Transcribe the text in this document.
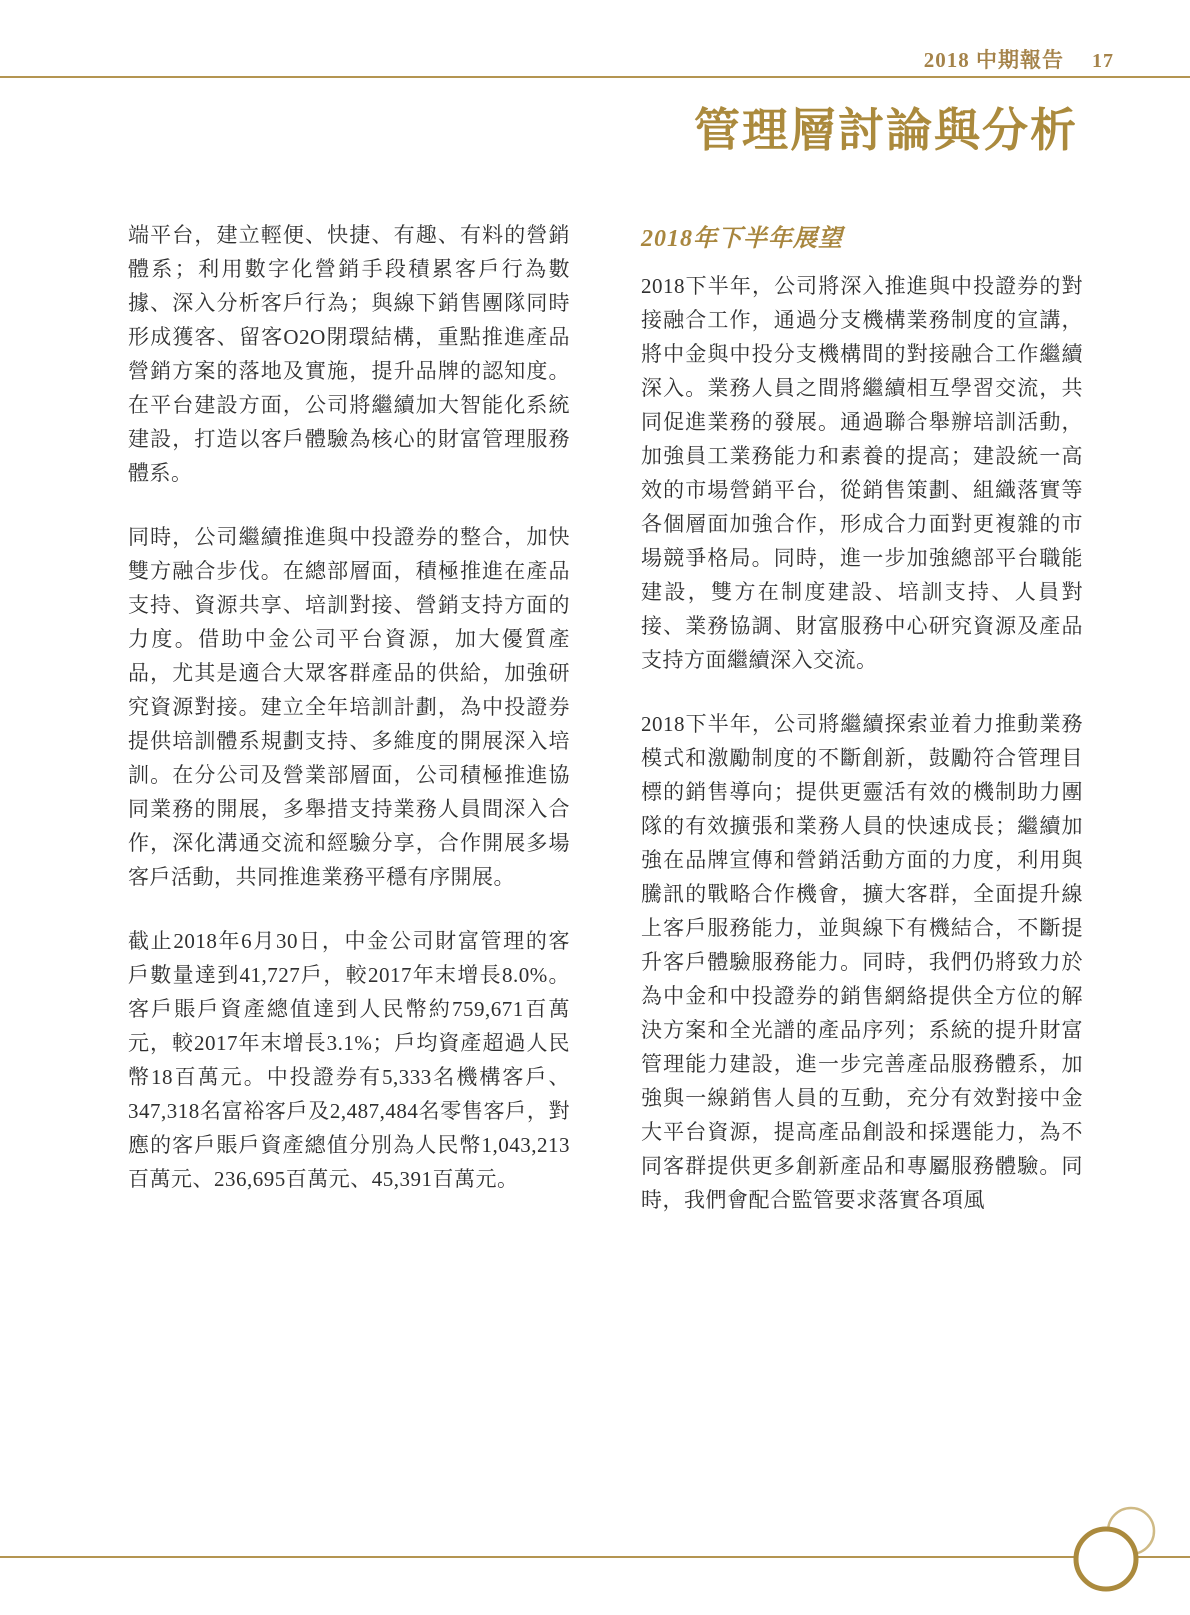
2018 中期報告 17
管理層討論與分析

端平台，建立輕便、快捷、有趣、有料的營銷體系；利用數字化營銷手段積累客戶行為數據、深入分析客戶行為；與線下銷售團隊同時形成獲客、留客O2O閉環結構，重點推進產品營銷方案的落地及實施，提升品牌的認知度。在平台建設方面，公司將繼續加大智能化系統建設，打造以客戶體驗為核心的財富管理服務體系。

同時，公司繼續推進與中投證券的整合，加快雙方融合步伐。在總部層面，積極推進在產品支持、資源共享、培訓對接、營銷支持方面的力度。借助中金公司平台資源，加大優質產品，尤其是適合大眾客群產品的供給，加強研究資源對接。建立全年培訓計劃，為中投證券提供培訓體系規劃支持、多維度的開展深入培訓。在分公司及營業部層面，公司積極推進協同業務的開展，多舉措支持業務人員間深入合作，深化溝通交流和經驗分享，合作開展多場客戶活動，共同推進業務平穩有序開展。

截止2018年6月30日，中金公司財富管理的客戶數量達到41,727戶，較2017年末增長8.0%。客戶賬戶資產總值達到人民幣約759,671百萬元，較2017年末增長3.1%；戶均資產超過人民幣18百萬元。中投證券有5,333名機構客戶、347,318名富裕客戶及2,487,484名零售客戶，對應的客戶賬戶資產總值分別為人民幣1,043,213百萬元、236,695百萬元、45,391百萬元。

2018年下半年展望

2018下半年，公司將深入推進與中投證券的對接融合工作，通過分支機構業務制度的宣講，將中金與中投分支機構間的對接融合工作繼續深入。業務人員之間將繼續相互學習交流，共同促進業務的發展。通過聯合舉辦培訓活動，加強員工業務能力和素養的提高；建設統一高效的市場營銷平台，從銷售策劃、組織落實等各個層面加強合作，形成合力面對更複雜的市場競爭格局。同時，進一步加強總部平台職能建設，雙方在制度建設、培訓支持、人員對接、業務協調、財富服務中心研究資源及產品支持方面繼續深入交流。

2018下半年，公司將繼續探索並着力推動業務模式和激勵制度的不斷創新，鼓勵符合管理目標的銷售導向；提供更靈活有效的機制助力團隊的有效擴張和業務人員的快速成長；繼續加強在品牌宣傳和營銷活動方面的力度，利用與騰訊的戰略合作機會，擴大客群，全面提升線上客戶服務能力，並與線下有機結合，不斷提升客戶體驗服務能力。同時，我們仍將致力於為中金和中投證券的銷售網絡提供全方位的解決方案和全光譜的產品序列；系統的提升財富管理能力建設，進一步完善產品服務體系，加強與一線銷售人員的互動，充分有效對接中金大平台資源，提高產品創設和採選能力，為不同客群提供更多創新產品和專屬服務體驗。同時，我們會配合監管要求落實各項風
